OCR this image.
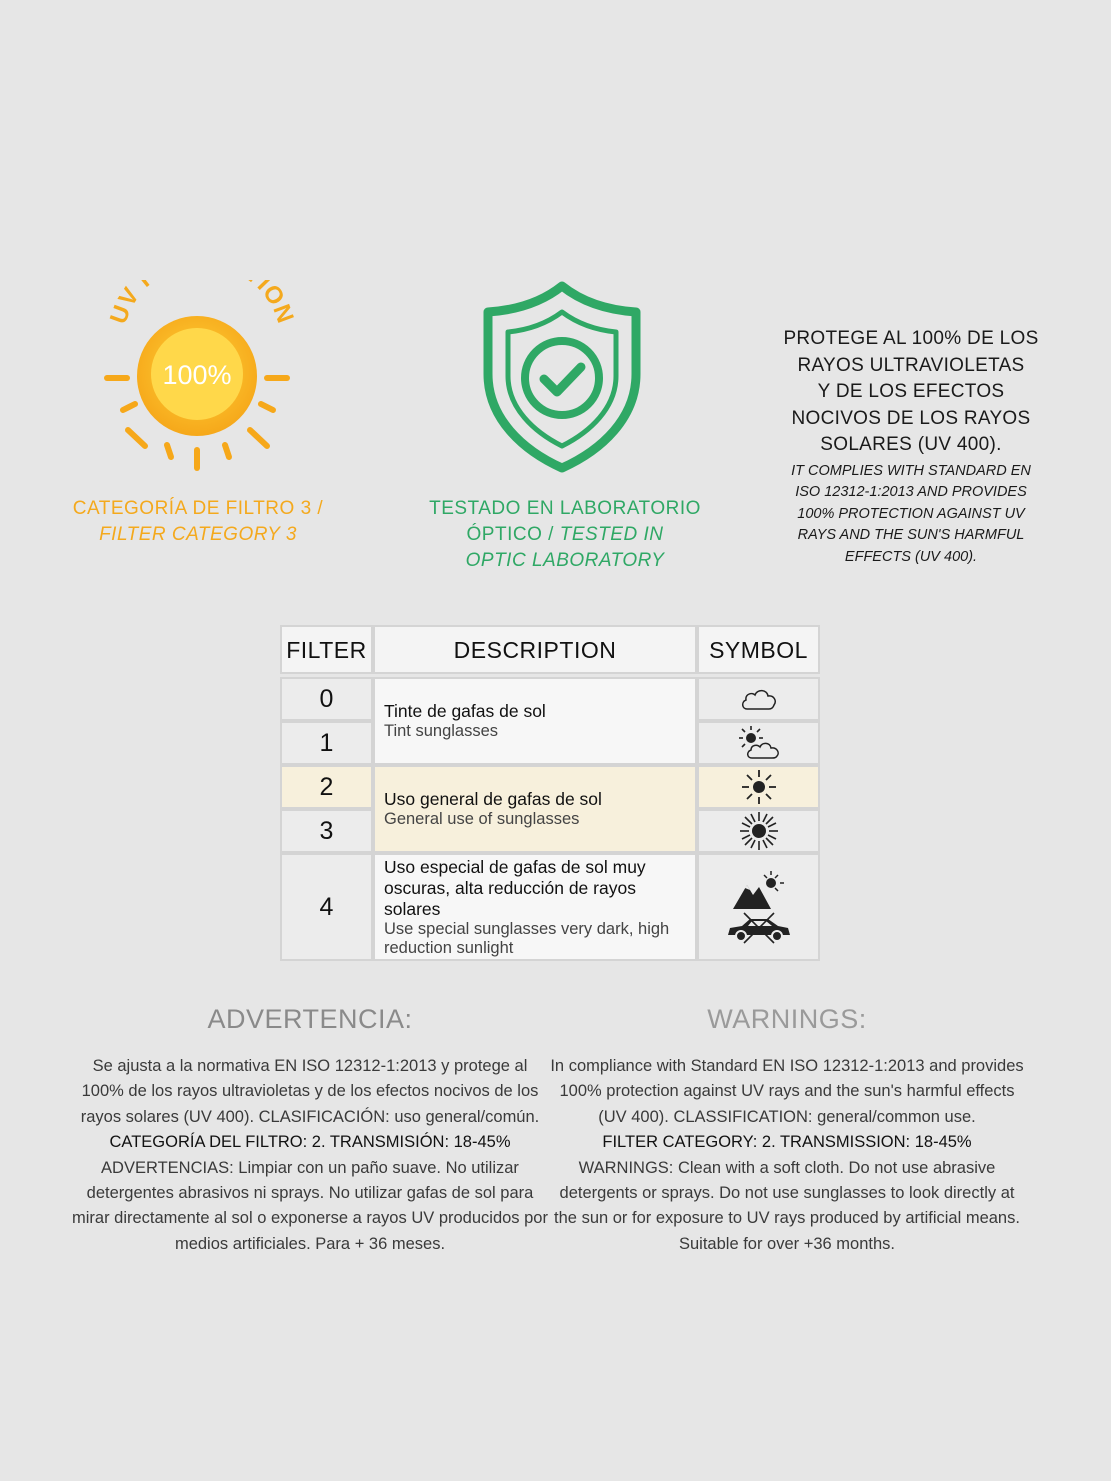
UV ION
100%
CATEGORÍA DE FILTRO 3 /
FILTER CATEGORY 3
TESTADO EN LABORATORIO
ÓPTICO / TESTED IN
OPTIC LABORATORY
PROTEGE AL 100% DE LOS
RAYOS ULTRAVIOLETAS
Y DE LOS EFECTOS
NOCIVOS DE LOS RAYOS
SOLARES (UV 400).
IT COMPLIES WITH STANDARD EN
ISO 12312-1:2013 AND PROVIDES
100% PROTECTION AGAINST UV
RAYS AND THE SUN'S HARMFUL
EFFECTS (UV 400).
FILTER	DESCRIPTION	SYMBOL
0
1
2
3
4
Tinte de gafas de sol
Tint sunglasses
Uso general de gafas de sol
General use of sunglasses
Uso especial de gafas de sol muy oscuras, alta reducción de rayos solares
Use special sunglasses very dark, high reduction sunlight
ADVERTENCIA:
Se ajusta a la normativa EN ISO 12312-1:2013 y protege al
100% de los rayos ultravioletas y de los efectos nocivos de los
rayos solares (UV 400). CLASIFICACIÓN: uso general/común.
CATEGORÍA DEL FILTRO: 2. TRANSMISIÓN: 18-45%
ADVERTENCIAS: Limpiar con un paño suave. No utilizar
detergentes abrasivos ni sprays. No utilizar gafas de sol para
mirar directamente al sol o exponerse a rayos UV producidos por
medios artificiales. Para + 36 meses.
WARNINGS:
In compliance with Standard EN ISO 12312-1:2013 and provides
100% protection against UV rays and the sun's harmful effects
(UV 400). CLASSIFICATION: general/common use.
FILTER CATEGORY: 2. TRANSMISSION: 18-45%
WARNINGS: Clean with a soft cloth. Do not use abrasive
detergents or sprays. Do not use sunglasses to look directly at
the sun or for exposure to UV rays produced by artificial means.
Suitable for over +36 months.
